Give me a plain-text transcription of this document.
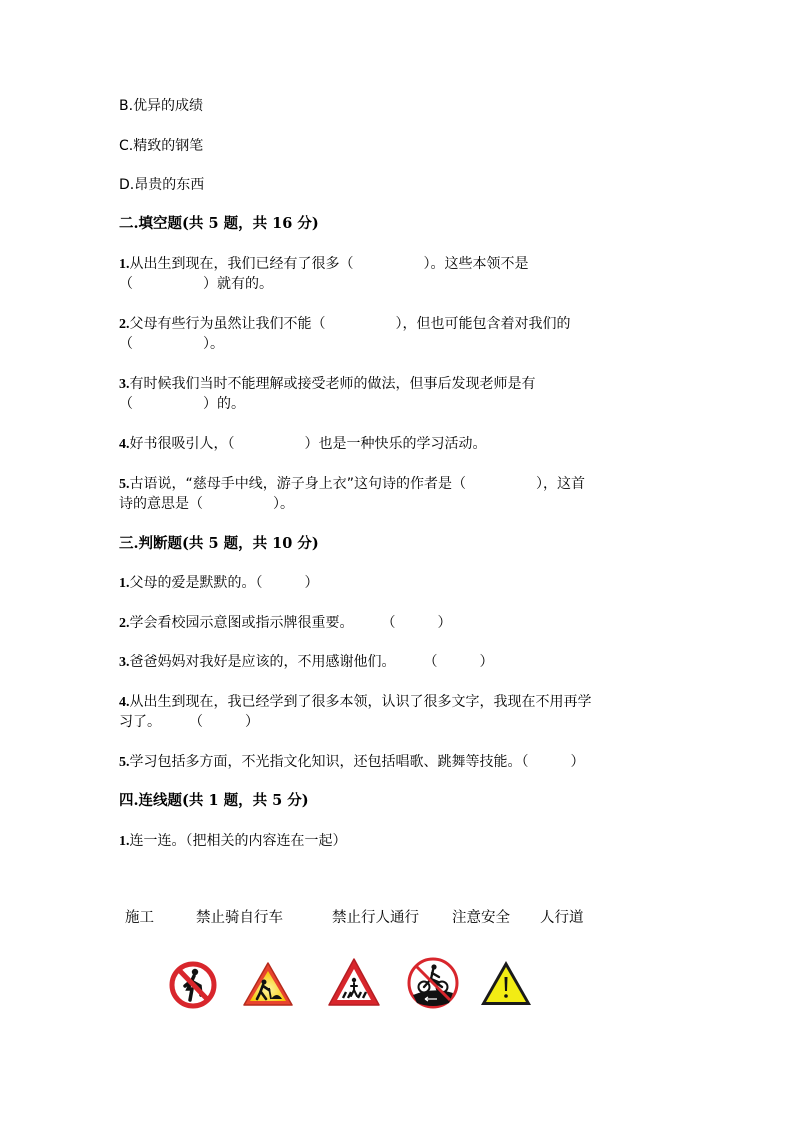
B.优异的成绩
C.精致的钢笔
D.昂贵的东西
二.填空题(共 5 题，共 16 分)
1.从出生到现在，我们已经有了很多（　　　　　）。这些本领不是
（　　　　　）就有的。
2.父母有些行为虽然让我们不能（　　　　　），但也可能包含着对我们的
（　　　　　）。
3.有时候我们当时不能理解或接受老师的做法，但事后发现老师是有
（　　　　　）的。
4.好书很吸引人，（　　　　　）也是一种快乐的学习活动。
5.古语说，“慈母手中线，游子身上衣”这句诗的作者是（　　　　　），这首
诗的意思是（　　　　　）。
三.判断题(共 5 题，共 10 分)
1.父母的爱是默默的。（　　　）
2.学会看校园示意图或指示牌很重要。　　　（　　　）
3.爸爸妈妈对我好是应该的，不用感谢他们。　　　（　　　）
4.从出生到现在，我已经学到了很多本领，认识了很多文字，我现在不用再学
习了。　　　（　　　）
5.学习包括多方面，不光指文化知识，还包括唱歌、跳舞等技能。（　　　）
四.连线题(共 1 题，共 5 分)
1.连一连。（把相关的内容连在一起）
施工	禁止骑自行车	禁止行人通行 注意安全 人行道
